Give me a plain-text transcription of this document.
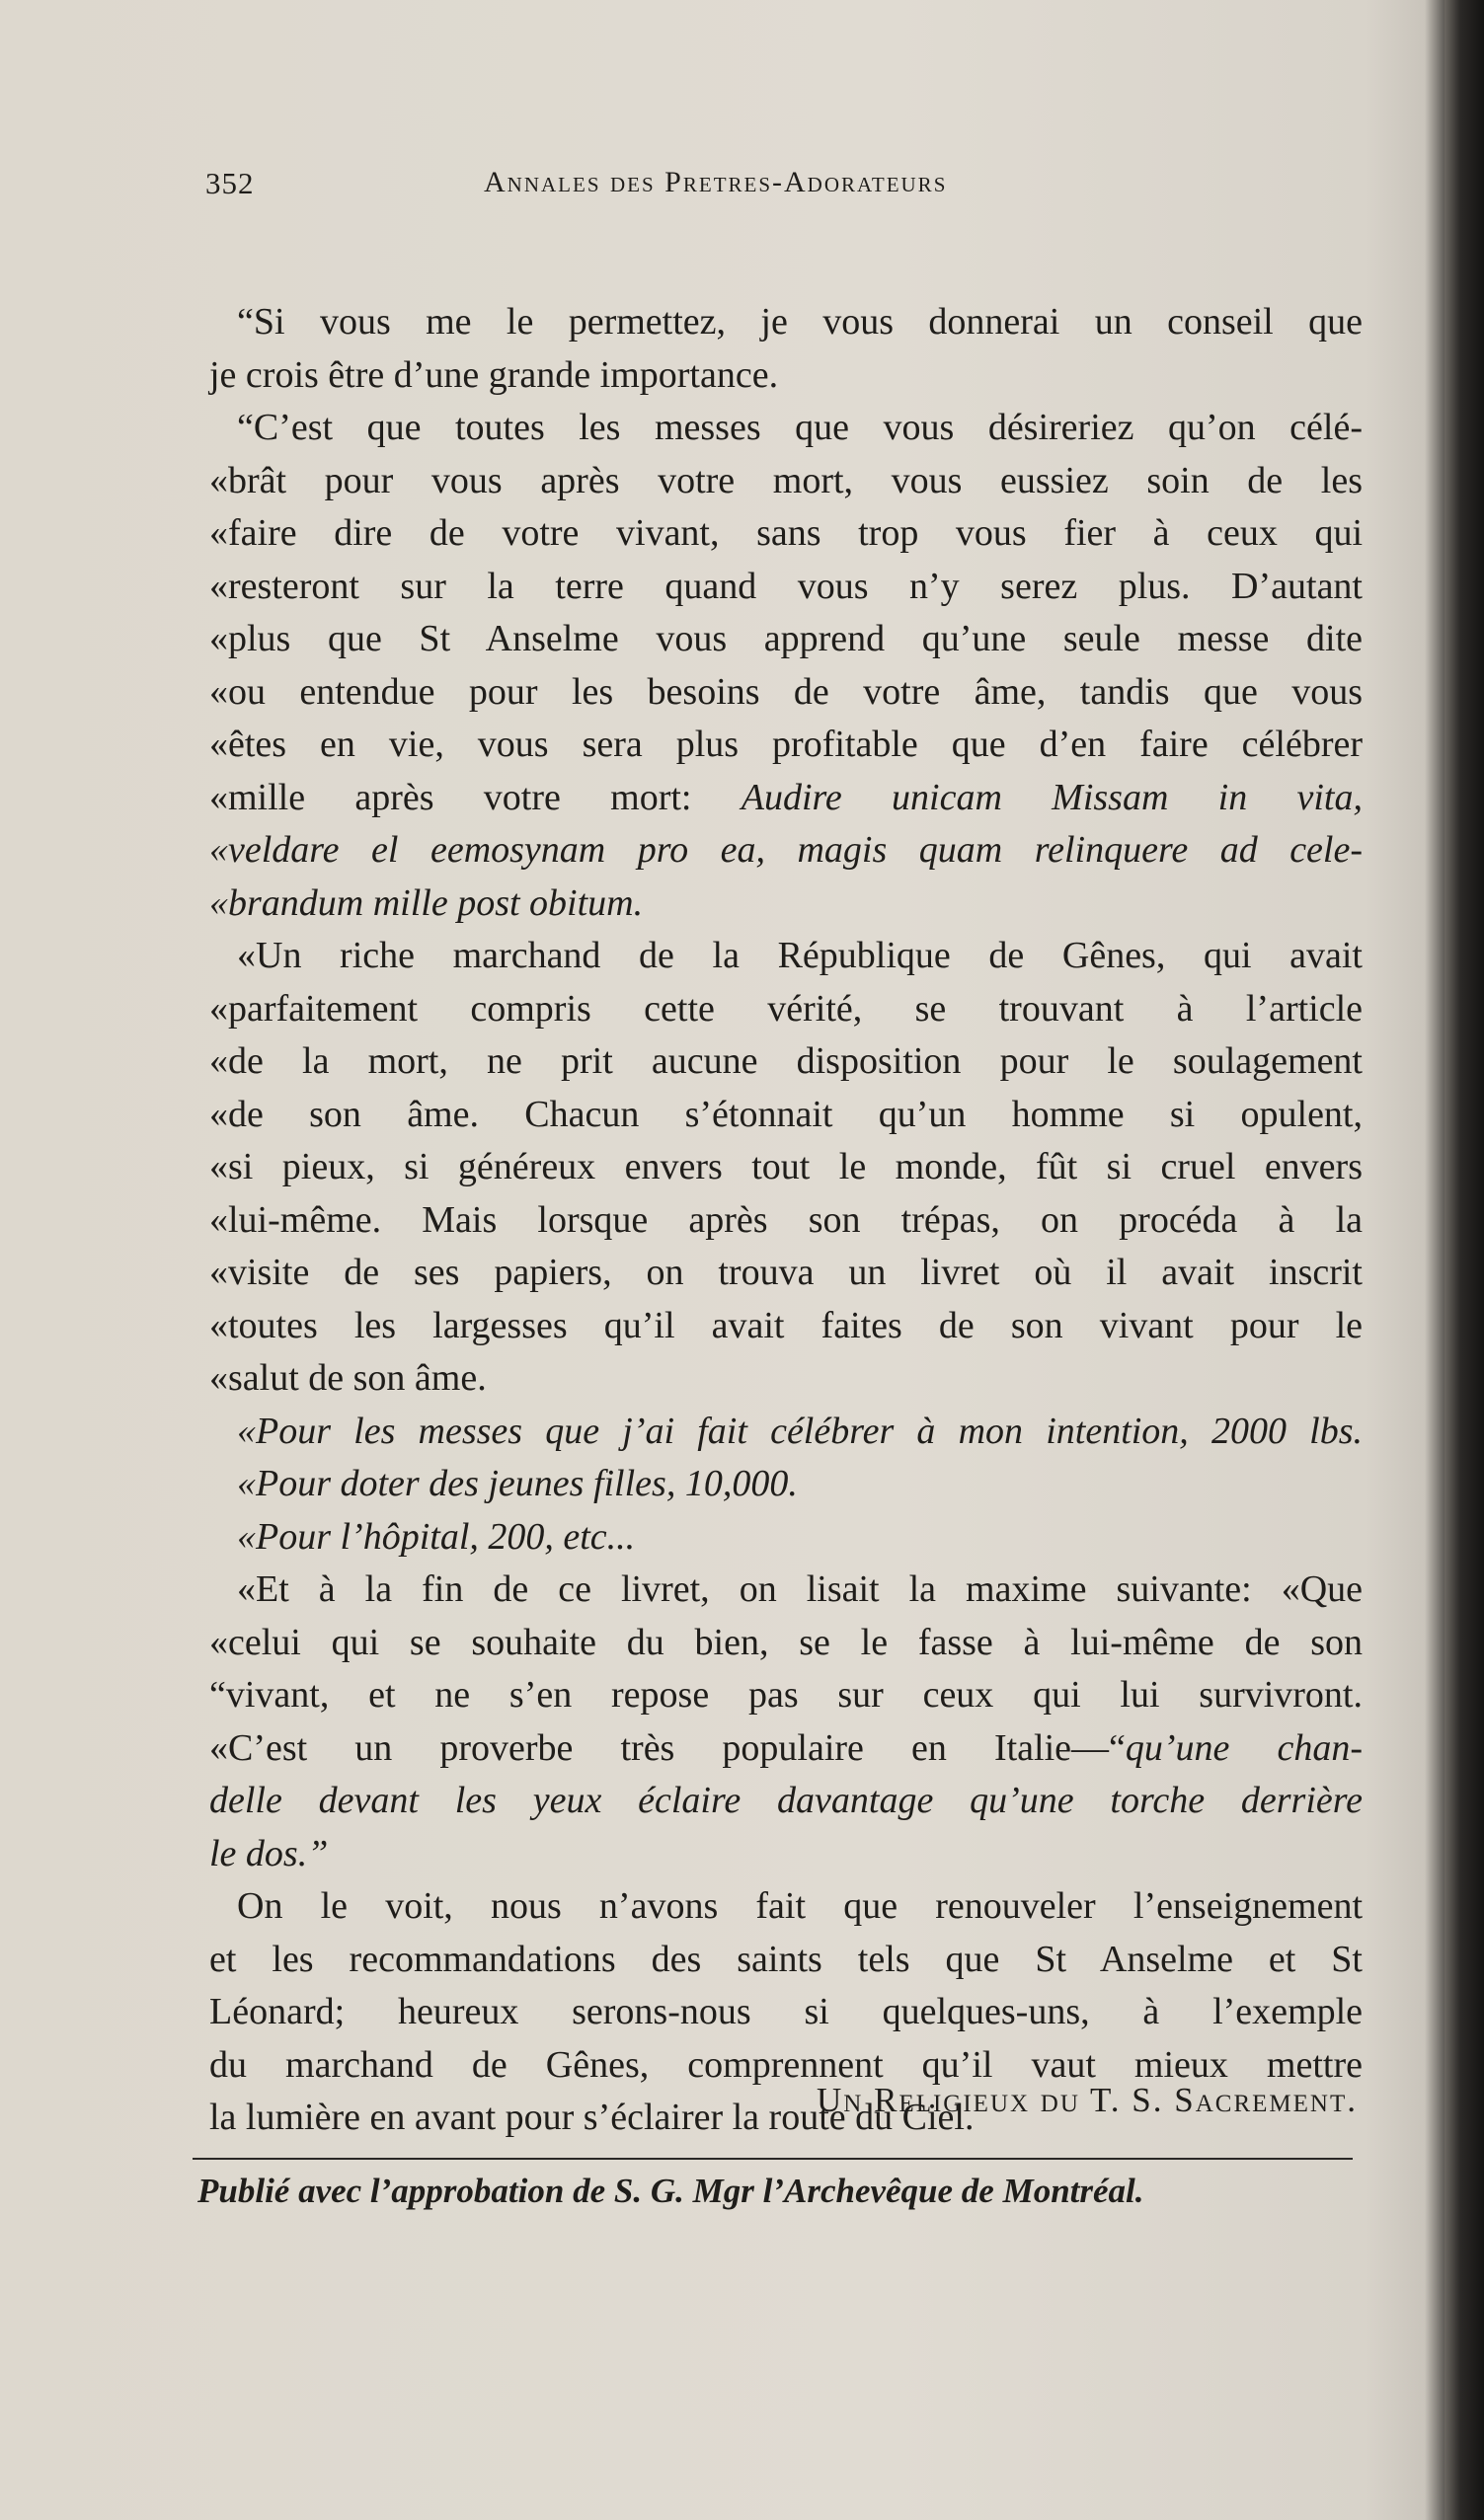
352	Annales des Pretres-Adorateurs
“Si vous me le permettez, je vous donnerai un conseil que
je crois être d’une grande importance.
“C’est que toutes les messes que vous désireriez qu’on célé-
«brât pour vous après votre mort, vous eussiez soin de les
«faire dire de votre vivant, sans trop vous fier à ceux qui
«resteront sur la terre quand vous n’y serez plus. D’autant
«plus que St Anselme vous apprend qu’une seule messe dite
«ou entendue pour les besoins de votre âme, tandis que vous
«êtes en vie, vous sera plus profitable que d’en faire célébrer
«mille après votre mort: Audire unicam Missam in vita,
«veldare el eemosynam pro ea, magis quam relinquere ad cele-
«brandum mille post obitum.
«Un riche marchand de la République de Gênes, qui avait
«parfaitement compris cette vérité, se trouvant à l’article
«de la mort, ne prit aucune disposition pour le soulagement
«de son âme. Chacun s’étonnait qu’un homme si opulent,
«si pieux, si généreux envers tout le monde, fût si cruel envers
«lui-même. Mais lorsque après son trépas, on procéda à la
«visite de ses papiers, on trouva un livret où il avait inscrit
«toutes les largesses qu’il avait faites de son vivant pour le
«salut de son âme.
«Pour les messes que j’ai fait célébrer à mon intention, 2000 lbs.
«Pour doter des jeunes filles, 10,000.
«Pour l’hôpital, 200, etc...
«Et à la fin de ce livret, on lisait la maxime suivante: «Que
«celui qui se souhaite du bien, se le fasse à lui-même de son
“vivant, et ne s’en repose pas sur ceux qui lui survivront.
«C’est un proverbe très populaire en Italie—“qu’une chan-
delle devant les yeux éclaire davantage qu’une torche derrière
le dos.”
On le voit, nous n’avons fait que renouveler l’enseignement
et les recommandations des saints tels que St Anselme et St
Léonard; heureux serons-nous si quelques-uns, à l’exemple
du marchand de Gênes, comprennent qu’il vaut mieux mettre
la lumière en avant pour s’éclairer la route du Ciel.
Un Religieux du T. S. Sacrement.
Publié avec l’approbation de S. G. Mgr l’Archevêque de Montréal.
